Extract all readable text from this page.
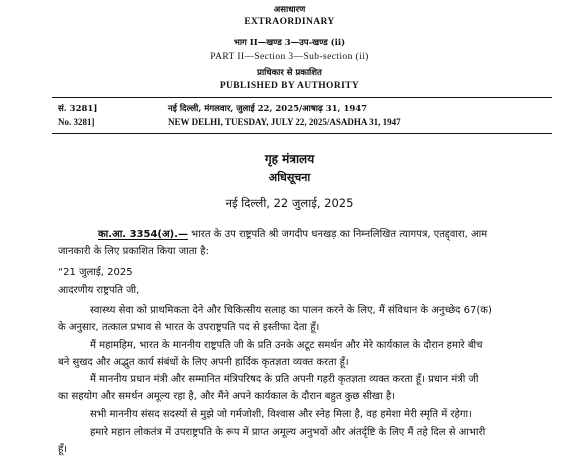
असाधारण
EXTRAORDINARY
भाग II—खण्ड 3—उप-खण्ड (ii)
PART II—Section 3—Sub-section (ii)
प्राधिकार से प्रकाशित
PUBLISHED BY AUTHORITY
सं. 3281]	नई दिल्ली, मंगलवार, जुलाई 22, 2025/आषाढ़ 31, 1947
No. 3281]	NEW DELHI, TUESDAY, JULY 22, 2025/ASADHA 31, 1947
गृह मंत्रालय
अधिसूचना
नई दिल्ली, 22 जुलाई, 2025
का.आ. 3354(अ).— भारत के उप राष्ट्रपति श्री जगदीप धनखड़ का निम्नलिखित त्यागपत्र, एतद्द्वारा, आम
जानकारी के लिए प्रकाशित किया जाता है:
“21 जुलाई, 2025
आदरणीय राष्ट्रपति जी,
स्वास्थ्य सेवा को प्राथमिकता देने और चिकित्सीय सलाह का पालन करने के लिए, मैं संविधान के अनुच्छेद 67(क)
के अनुसार, तत्काल प्रभाव से भारत के उपराष्ट्रपति पद से इस्तीफा देता हूँ।
मैं महामहिम, भारत के माननीय राष्ट्रपति जी के प्रति उनके अटूट समर्थन और मेरे कार्यकाल के दौरान हमारे बीच
बने सुखद और अद्भुत कार्य संबंधों के लिए अपनी हार्दिक कृतज्ञता व्यक्त करता हूँ।
मैं माननीय प्रधान मंत्री और सम्मानित मंत्रिपरिषद के प्रति अपनी गहरी कृतज्ञता व्यक्त करता हूँ। प्रधान मंत्री जी
का सहयोग और समर्थन अमूल्य रहा है, और मैंने अपने कार्यकाल के दौरान बहुत कुछ सीखा है।
सभी माननीय संसद सदस्यों से मुझे जो गर्मजोशी, विश्वास और स्नेह मिला है, वह हमेशा मेरी स्मृति में रहेगा।
हमारे महान लोकतंत्र में उपराष्ट्रपति के रूप में प्राप्त अमूल्य अनुभवों और अंतर्दृष्टि के लिए मैं तहे दिल से आभारी
हूँ।
